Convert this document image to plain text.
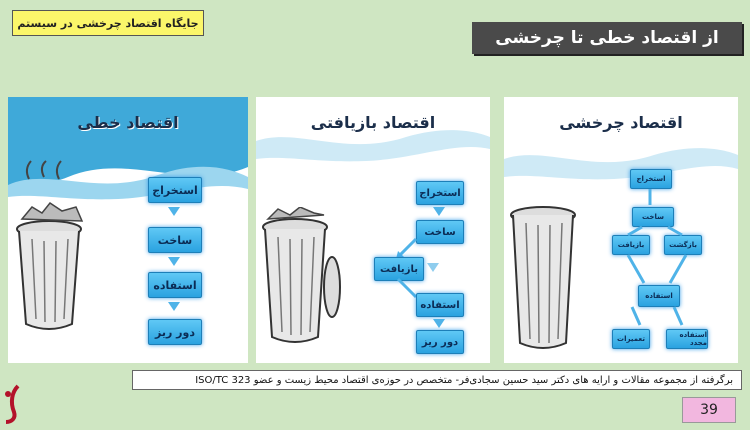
جایگاه اقتصاد چرخشی در سیستم
از اقتصاد خطی تا چرخشی
اقتصاد خطی
استخراج
ساخت
استفاده
دور ریز
اقتصاد بازیافتی
استخراج
ساخت
بازیافت
استفاده
دور ریز
اقتصاد چرخشی
استخراج
ساخت
بازیافت	بازگشت
استفاده
تعمیرات	استفاده مجدد
برگرفته از مجموعه مقالات و ارایه های دکتر سید حسین سجادی‌فر- متخصص در حوزه‌ی اقتصاد محیط زیست و عضو ISO/TC 323
39
